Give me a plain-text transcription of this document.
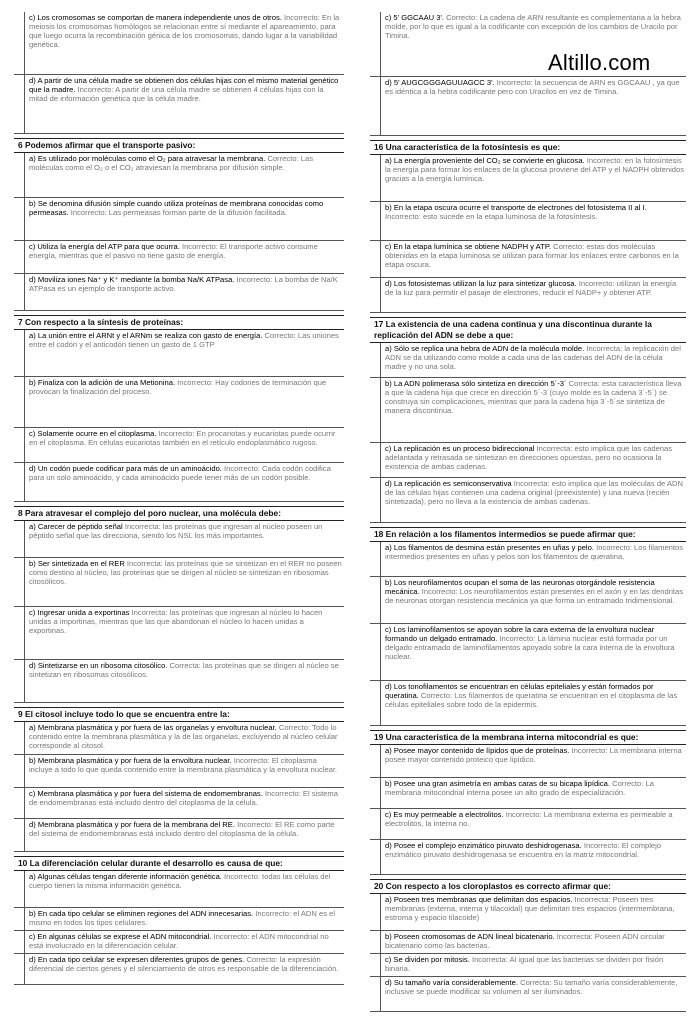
c) Los cromosomas se comportan de manera independiente unos de otros. Incorrecto: En la meiosis los cromosomas homólogos se relacionan entre sí mediante el apareamiento, para que luego ocurra la recombinación génica de los cromosomas, dando lugar a la variabilidad genética.
d) A partir de una célula madre se obtienen dos células hijas con el mismo material genético que la madre. Incorrecto: A partir de una célula madre se obtienen 4 células hijas con la mitad de información genética que la célula madre.
6 Podemos afirmar que el transporte pasivo:
a) Es utilizado por moléculas como el O₂ para atravesar la membrana. Correcto: Las moléculas como el O₂ o el CO₂ atraviesan la membrana por difusión simple.
b) Se denomina difusión simple cuando utiliza proteínas de membrana conocidas como permeasas. Incorrecto: Las permeasas forman parte de la difusión facilitada.
c) Utiliza la energía del ATP para que ocurra. Incorrecto: El transporte activo consume energía, mientras que el pasivo no tiene gasto de energía.
d) Moviliza iones Na⁺ y K⁺ mediante la bomba Na/K ATPasa. Incorrecto: La bomba de Na/K ATPasa es un ejemplo de transporte activo.
7 Con respecto a la síntesis de proteínas:
a) La unión entre el ARNt y el ARNm se realiza con gasto de energía. Correcto: Las uniones entre el codón y el anticodón tienen un gasto de 1 GTP
b) Finaliza con la adición de una Metionina. Incorrecto: Hay codones de terminación que provocan la finalización del proceso.
c) Solamente ocurre en el citoplasma. Incorrecto: En procariotas y eucariotas puede ocurrir en el citoplasma. En células eucariotas también en el retículo endoplasmático rugoso.
d) Un codón puede codificar para más de un aminoácido. Incorrecto: Cada codón codifica para un solo aminoácido, y cada aminoácido puede tener más de un codón posible.
8 Para atravesar el complejo del poro nuclear, una molécula debe:
a) Carecer de péptido señal Incorrecta: las proteínas que ingresan al núcleo poseen un péptido señal que las direcciona, siendo los NSL los más importantes.
b) Ser sintetizada en el RER Incorrecta: las proteínas que se sintetizan en el RER no poseen como destino al núcleo, las proteínas que se dirigen al núcleo se sintetizan en ribosomas citosólicos.
c) Ingresar unida a exportinas Incorrecta: las proteínas que ingresan al núcleo lo hacen unidas a importinas, mientras que las que abandonan el núcleo lo hacen unidas a exportinas.
d) Sintetizarse en un ribosoma citosólico. Correcta: las proteínas que se dirigen al núcleo se sintetizan en ribosomas citosólicos.
9 El citosol incluye todo lo que se encuentra entre la:
a) Membrana plasmática y por fuera de las organelas y envoltura nuclear. Correcto: Todo lo contenido entre la membrana plasmática y la de las organelas, excluyendo al núcleo celular corresponde al citosol.
b) Membrana plasmática y por fuera de la envoltura nuclear. Incorrecto: El citoplasma incluye a todo lo que queda contenido entre la membrana plasmática y la envoltura nuclear.
c) Membrana plasmática y por fuera del sistema de endomembranas. Incorrecto: El sistema de endomembranas está incluido dentro del citoplasma de la célula.
d) Membrana plasmática y por fuera de la membrana del RE. Incorrecto: El RE como parte del sistema de endomembranas está incluido dentro del citoplasma de la célula.
10 La diferenciación celular durante el desarrollo es causa de que:
a) Algunas células tengan diferente información genética. Incorrecto: todas las células del cuerpo tienen la misma información genética.
b) En cada tipo celular se eliminen regiones del ADN innecesarias. Incorrecto: el ADN es el mismo en todos los tipos celulares.
c) En algunas células se exprese el ADN mitocondrial. Incorrecto: el ADN mitocondrial no está involucrado en la diferenciación celular.
d) En cada tipo celular se expresen diferentes grupos de genes. Correcto: la expresión diferencial de ciertos genes y el silenciamiento de otros es responsable de la diferenciación.
c) 5' GGCAAU 3'. Correcto: La cadena de ARN resultante es complementaria a la hebra molde, por lo que es igual a la codificante con excepción de los cambios de Uracilo por Timina.
d) 5' AUGCGGGAGUUAGCC 3'. Incorrecto: la secuencia de ARN es GGCAAU , ya que es idéntica a la hebra codificante pero con Uracilos en vez de Timina.
16 Una característica de la fotosíntesis es que:
a) La energía proveniente del CO₂ se convierte en glucosa. Incorrecto: en la fotosíntesis la energía para formar los enlaces de la glucosa proviene del ATP y el NADPH obtenidos gracias a la energía lumínica.
b) En la etapa oscura ocurre el transporte de electrones del fotosistema II al I. Incorrecto: esto sucede en la etapa luminosa de la fotosíntesis.
c) En la etapa lumínica se obtiene NADPH y ATP. Correcto: estas dos moléculas obtenidas en la etapa luminosa se utilizan para formar los enlaces entre carbonos en la etapa oscura.
d) Los fotosistemas utilizan la luz para sintetizar glucosa. Incorrecto: utilizan la energía de la luz para permitir el pasaje de electrones, reducir el NADP+ y obtener ATP.
17 La existencia de una cadena continua y una discontinua durante la replicación del ADN se debe a que:
a) Sólo se replica una hebra de ADN de la molécula molde. Incorrecta: la replicación del ADN se da utilizando como molde a cada una de las cadenas del ADN de la célula madre y no una sola.
b) La ADN polimerasa sólo sintetiza en dirección 5´-3´ Correcta: esta característica lleva a que la cadena hija que crece en dirección 5´-3´(cuyo molde es la cadena 3´-5´) se construya sin complicaciones, mientras que para la cadena hija 3´-5´se sintetiza de manera discontinua.
c) La replicación es un proceso bidireccional Incorrecta: esto implica que las cadenas adelantada y retrasada se sintetizan en direcciones opuestas, pero no ocasiona la existencia de ambas cadenas.
d) La replicación es semiconservativa Incorrecta: esto implica que las moléculas de ADN de las células hijas contienen una cadena original (preexistente) y una nueva (recién sintetizada), pero no lleva a la existencia de ambas cadenas.
18 En relación a los filamentos intermedios se puede afirmar que:
a) Los filamentos de desmina están presentes en uñas y pelo. Incorrecto: Los filamentos intermedios presentes en uñas y pelos son los filamentos de queratina.
b) Los neurofilamentos ocupan el soma de las neuronas otorgándole resistencia mecánica. Incorrecto: Los neurofilamentos están presentes en el axón y en las dendritas de neuronas otorgan resistencia mecánica ya que forma un entramado tridimensional.
c) Los laminofilamentos se apoyan sobre la cara externa de la envoltura nuclear formando un delgado entramado. Incorrecto: La lámina nuclear está formada por un delgado entramado de laminofilamentos apoyado sobre la cara interna de la envoltura nuclear.
d) Los tonofilamentos se encuentran en células epiteliales y están formados por queratina. Correcto: Los filamentos de queratina se encuentran en el citoplasma de las células epiteliales sobre todo de la epidermis.
19 Una característica de la membrana interna mitocondrial es que:
a) Posee mayor contenido de lípidos que de proteínas. Incorrecto: La membrana interna posee mayor contenido proteico que lipídico.
b) Posee una gran asimetría en ambas caras de su bicapa lipídica. Correcto: La membrana mitocondrial interna posee un alto grado de especialización.
c) Es muy permeable a electrolitos. Incorrecto: La membrana externa es permeable a electrolitos, la interna no.
d) Posee el complejo enzimático piruvato deshidrogenasa. Incorrecto: El complejo enzimático piruvato deshidrogenasa se encuentra en la matriz mitocondrial.
20 Con respecto a los cloroplastos es correcto afirmar que:
a) Poseen tres membranas que delimitan dos espacios. Incorrecta: Poseen tres membranas (externa, interna y tilacoidal) que delimitan tres espacios (intermembrana, estroma y espacio tilacoide)
b) Poseen cromosomas de ADN lineal bicatenario. Incorrecta: Poseen ADN circular bicatenario como las bacterias.
c) Se dividen por mitosis. Incorrecta: Al igual que las bacterias se dividen por fisión binaria.
d) Su tamaño varía considerablemente. Correcta: Su tamaño varía considerablemente, inclusive se puede modificar su volumen al ser iluminados.
Altillo.com
